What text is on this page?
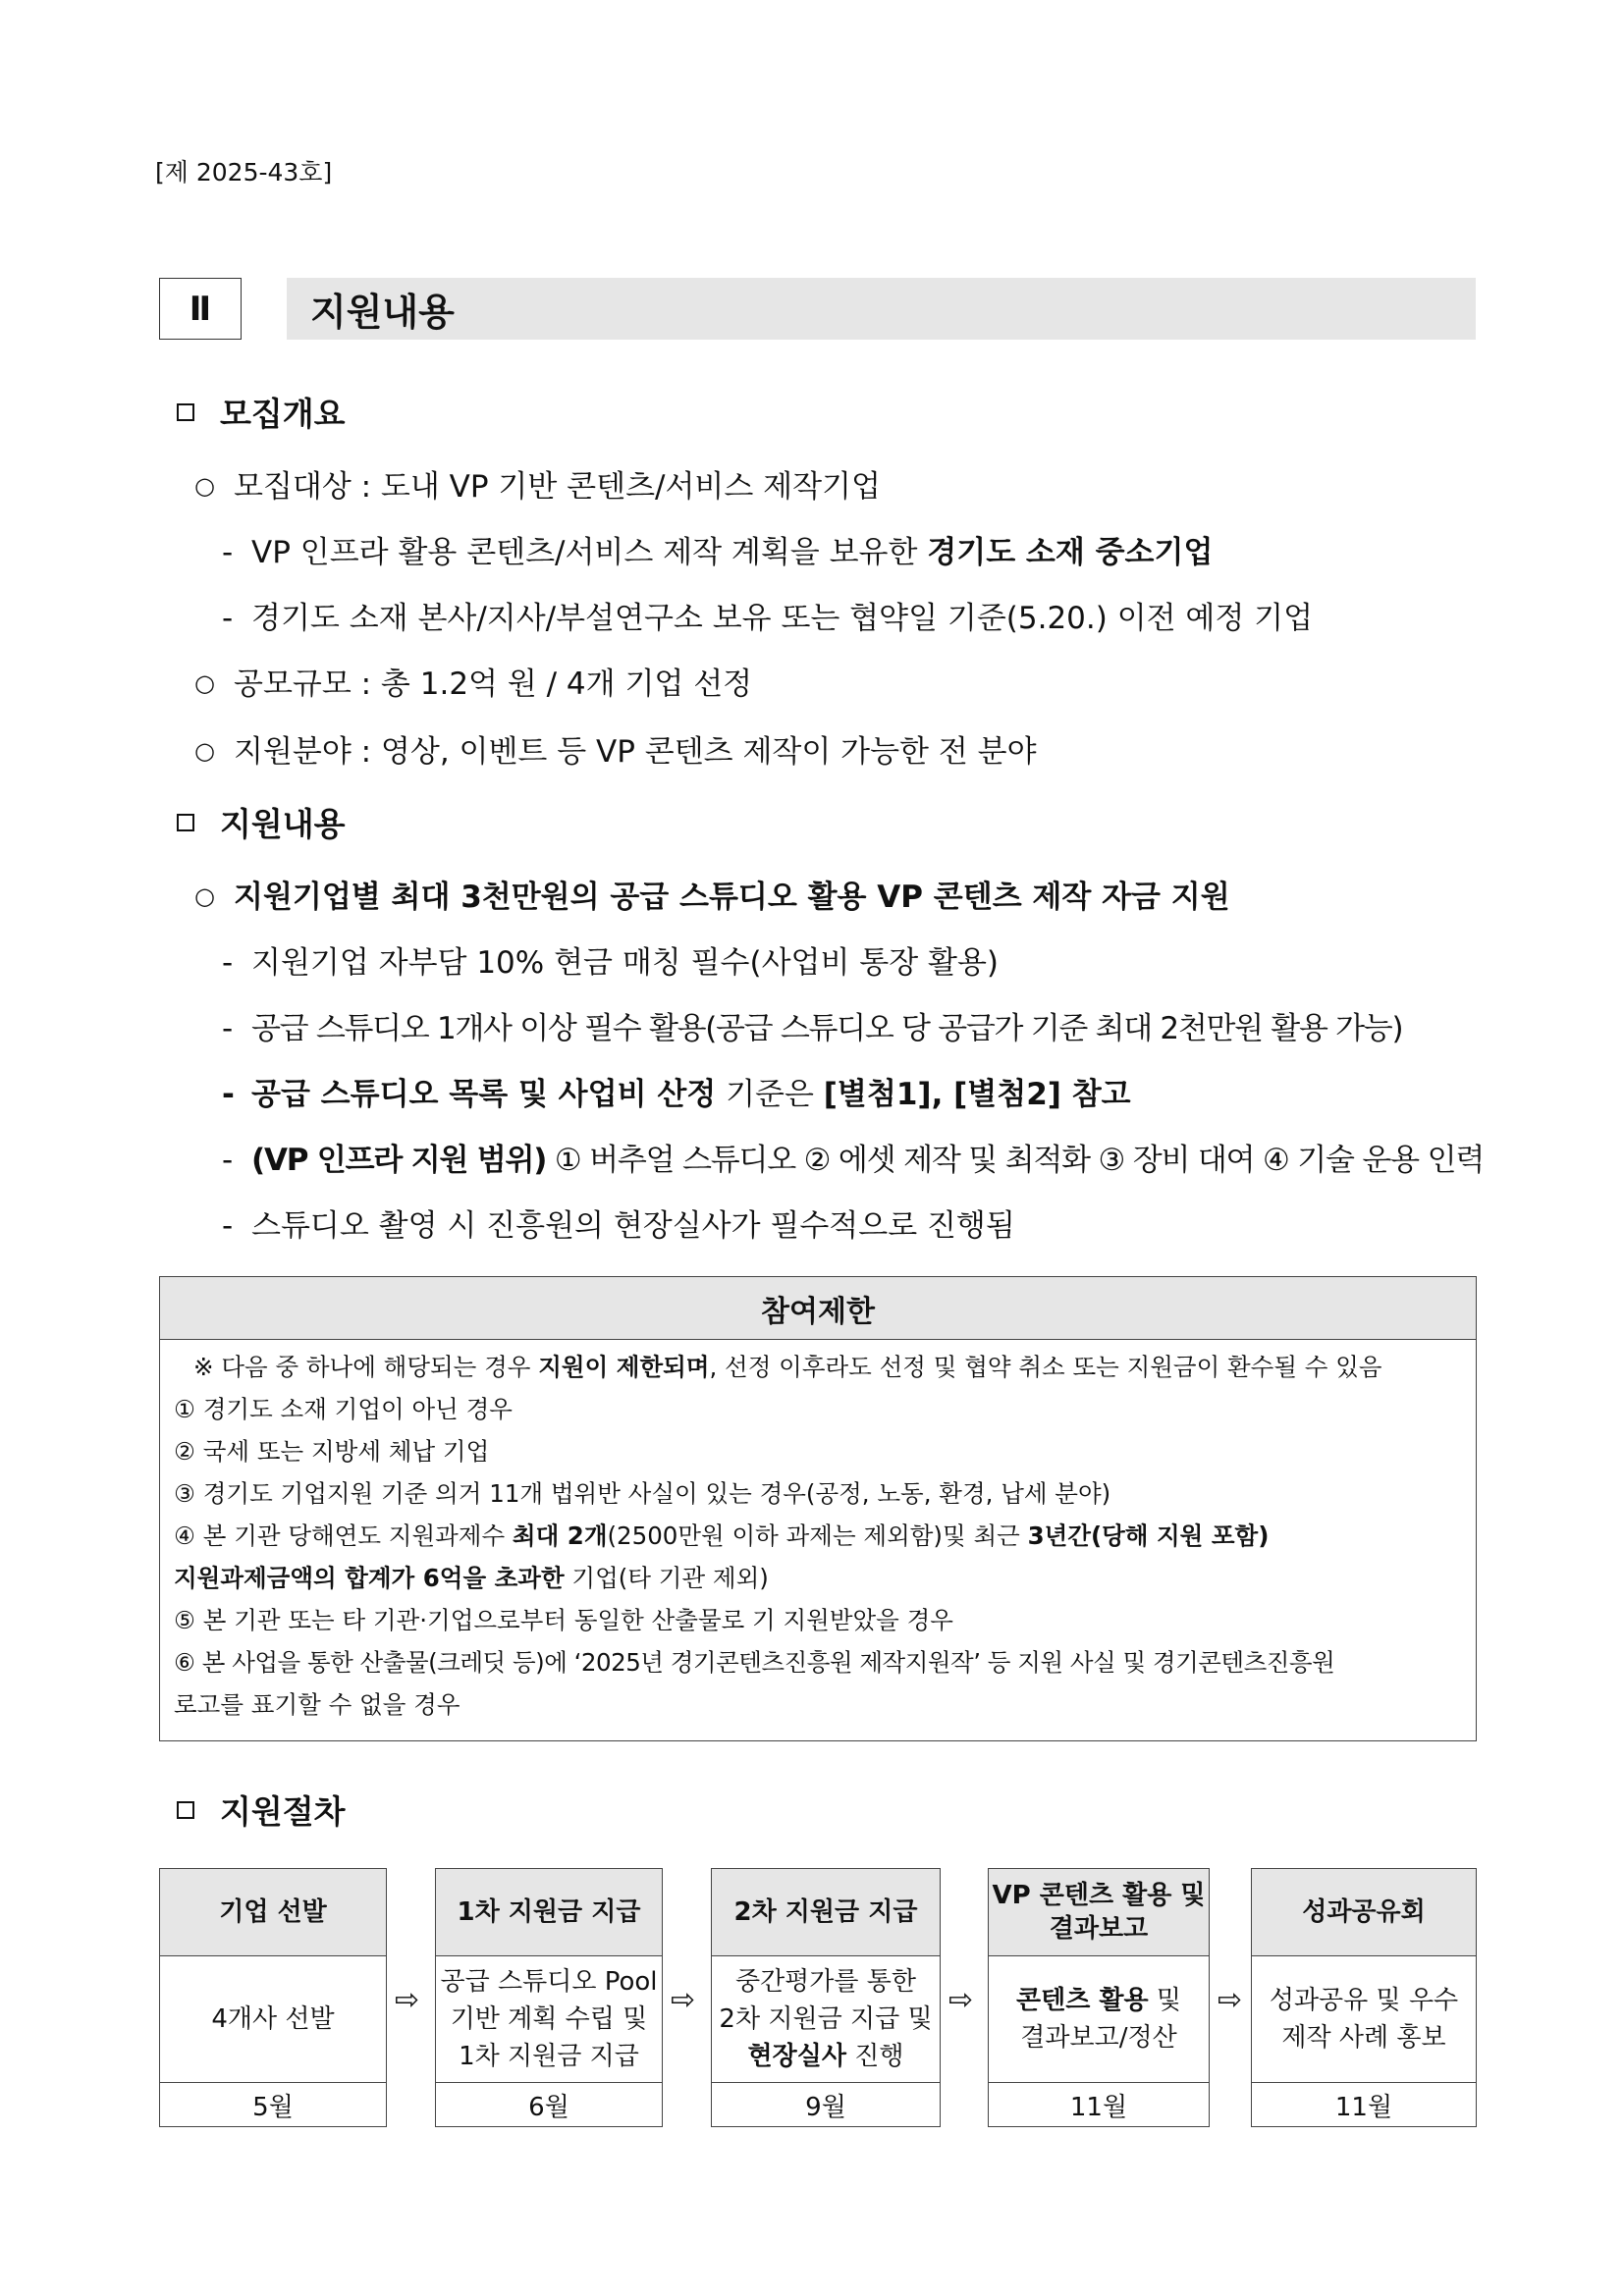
[제 2025-43호]
Ⅱ	지원내용
모집개요
○ 모집대상 : 도내 VP 기반 콘텐츠/서비스 제작기업
- VP 인프라 활용 콘텐츠/서비스 제작 계획을 보유한 경기도 소재 중소기업
- 경기도 소재 본사/지사/부설연구소 보유 또는 협약일 기준(5.20.) 이전 예정 기업
○ 공모규모 : 총 1.2억 원 / 4개 기업 선정
○ 지원분야 : 영상, 이벤트 등 VP 콘텐츠 제작이 가능한 전 분야
지원내용
○ 지원기업별 최대 3천만원의 공급 스튜디오 활용 VP 콘텐츠 제작 자금 지원
- 지원기업 자부담 10% 현금 매칭 필수(사업비 통장 활용)
- 공급 스튜디오 1개사 이상 필수 활용(공급 스튜디오 당 공급가 기준 최대 2천만원 활용 가능)
- 공급 스튜디오 목록 및 사업비 산정 기준은 [별첨1], [별첨2] 참고
- (VP 인프라 지원 범위) ① 버추얼 스튜디오 ② 에셋 제작 및 최적화 ③ 장비 대여 ④ 기술 운용 인력
- 스튜디오 촬영 시 진흥원의 현장실사가 필수적으로 진행됨
참여제한
※ 다음 중 하나에 해당되는 경우 지원이 제한되며, 선정 이후라도 선정 및 협약 취소 또는 지원금이 환수될 수 있음
① 경기도 소재 기업이 아닌 경우
② 국세 또는 지방세 체납 기업
③ 경기도 기업지원 기준 의거 11개 법위반 사실이 있는 경우(공정, 노동, 환경, 납세 분야)
④ 본 기관 당해연도 지원과제수 최대 2개(2500만원 이하 과제는 제외함)및 최근 3년간(당해 지원 포함)
지원과제금액의 합계가 6억을 초과한 기업(타 기관 제외)
⑤ 본 기관 또는 타 기관·기업으로부터 동일한 산출물로 기 지원받았을 경우
⑥ 본 사업을 통한 산출물(크레딧 등)에 ‘2025년 경기콘텐츠진흥원 제작지원작’ 등 지원 사실 및 경기콘텐츠진흥원
로고를 표기할 수 없을 경우
지원절차
기업 선발
4개사 선발
5월
⇨
1차 지원금 지급
공급 스튜디오 Pool
기반 계획 수립 및
1차 지원금 지급
6월
⇨
2차 지원금 지급
중간평가를 통한
2차 지원금 지급 및
현장실사 진행
9월
⇨
VP 콘텐츠 활용 및
결과보고
콘텐츠 활용 및
결과보고/정산
11월
⇨
성과공유회
성과공유 및 우수
제작 사례 홍보
11월
